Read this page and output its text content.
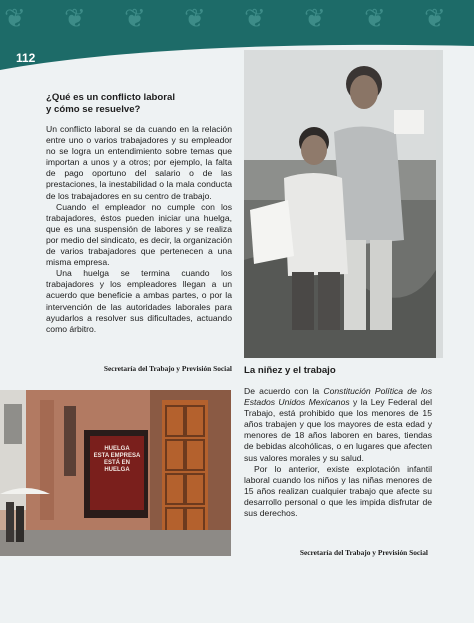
❦ ❦ ❦ ❦ ❦ ❦ ❦ ❦
112
¿Qué es un conflicto laboral
y cómo se resuelve?

Un conflicto laboral se da cuando en la relación entre uno o varios trabajadores y su empleador no se logra un entendimiento sobre temas que importan a unos y a otros; por ejemplo, la falta de pago oportuno del salario o de las prestaciones, la inestabilidad o la mala conducta de los trabajadores en su centro de trabajo.

Cuando el empleador no cumple con los trabajadores, éstos pueden iniciar una huelga, que es una suspensión de labores y se realiza por medio del sindicato, es decir, la organización de varios trabajadores que pertenecen a una misma empresa.

Una huelga se termina cuando los trabajadores y los empleadores llegan a un acuerdo que beneficie a ambas partes, o por la intervención de las autoridades laborales para ayudarlos a resolver sus dificultades, actuando como árbitro.

Secretaría del Trabajo y Previsión Social
HUELGA
ESTA EMPRESA ESTÁ EN HUELGA
La niñez y el trabajo

De acuerdo con la Constitución Política de los Estados Unidos Mexicanos y la Ley Federal del Trabajo, está prohibido que los menores de 15 años trabajen y que los mayores de esta edad y menores de 18 años laboren en bares, tiendas de bebidas alcohólicas, o en lugares que afecten sus valores morales y su salud.

Por lo anterior, existe explotación infantil laboral cuando los niños y las niñas menores de 15 años realizan cualquier trabajo que afecte su desarrollo personal o que les impida disfrutar de sus derechos.

Secretaría del Trabajo y Previsión Social
